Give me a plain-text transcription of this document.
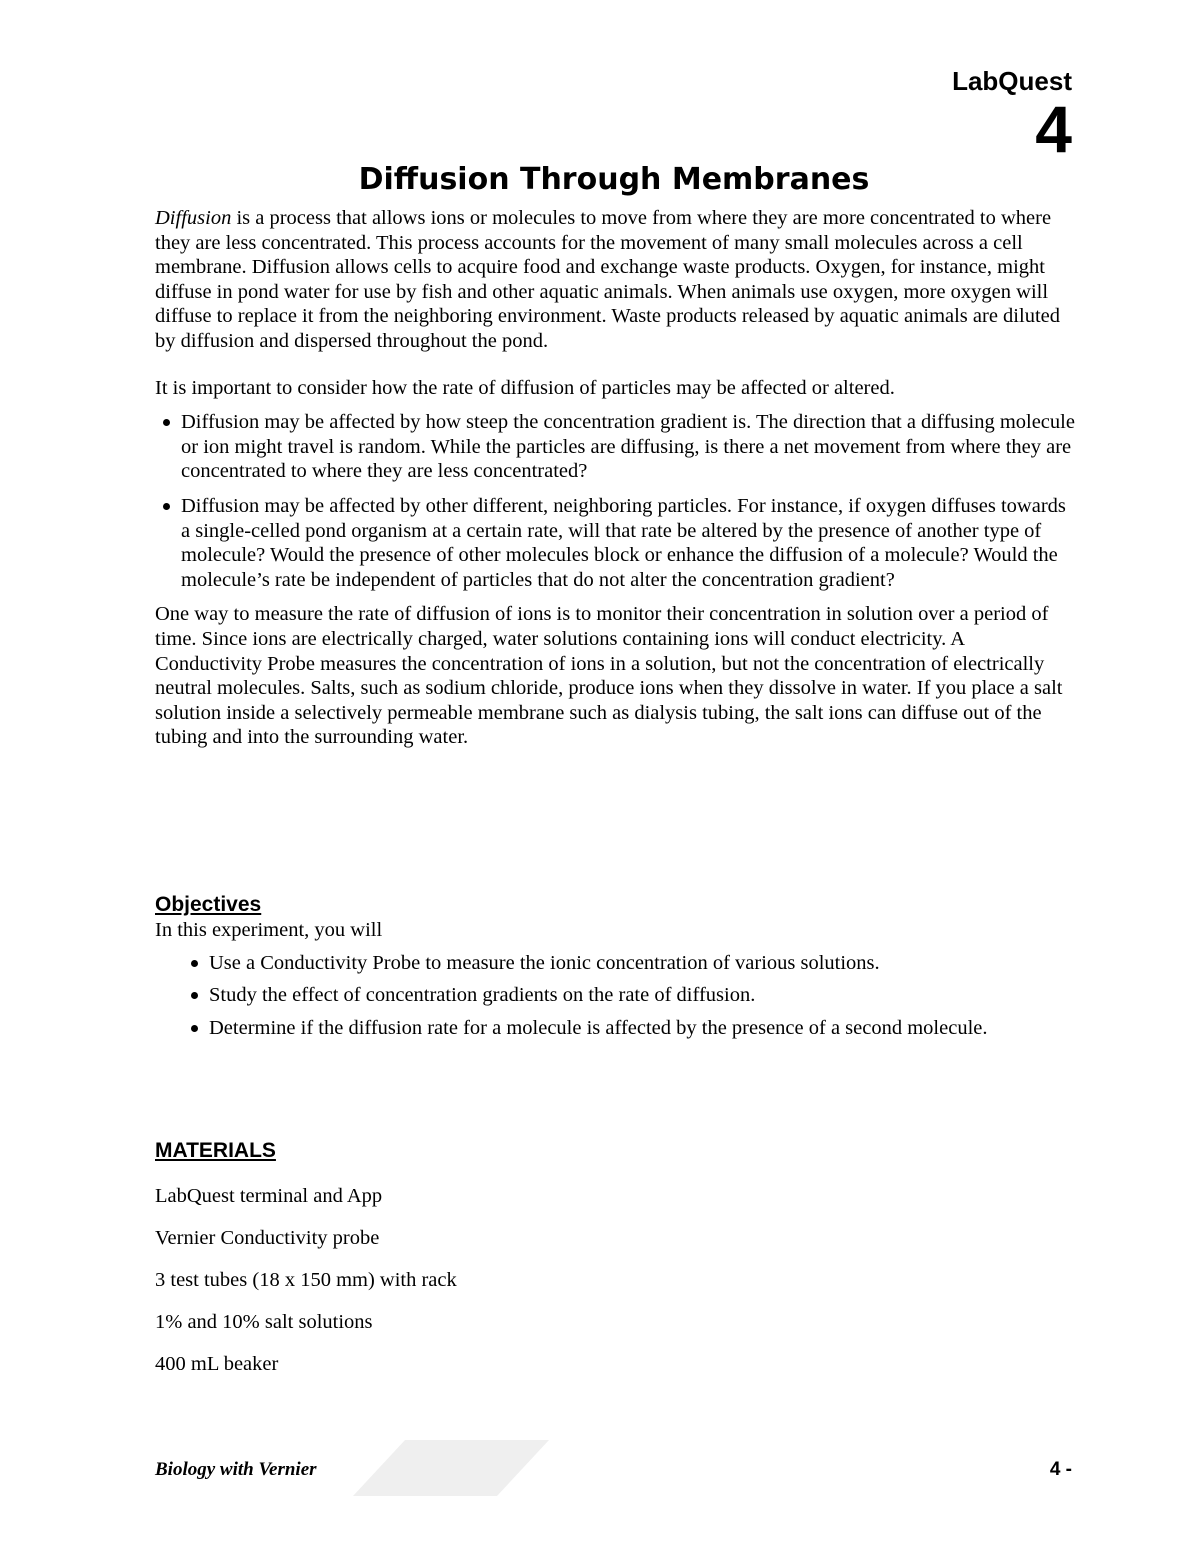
LabQuest
4
Diffusion Through Membranes

Diffusion is a process that allows ions or molecules to move from where they are more concentrated to where they are less concentrated. This process accounts for the movement of many small molecules across a cell membrane. Diffusion allows cells to acquire food and exchange waste products. Oxygen, for instance, might diffuse in pond water for use by fish and other aquatic animals. When animals use oxygen, more oxygen will diffuse to replace it from the neighboring environment. Waste products released by aquatic animals are diluted by diffusion and dispersed throughout the pond.

It is important to consider how the rate of diffusion of particles may be affected or altered.

Diffusion may be affected by how steep the concentration gradient is. The direction that a diffusing molecule or ion might travel is random. While the particles are diffusing, is there a net movement from where they are concentrated to where they are less concentrated?
Diffusion may be affected by other different, neighboring particles. For instance, if oxygen diffuses towards a single-celled pond organism at a certain rate, will that rate be altered by the presence of another type of molecule? Would the presence of other molecules block or enhance the diffusion of a molecule? Would the molecule’s rate be independent of particles that do not alter the concentration gradient?

One way to measure the rate of diffusion of ions is to monitor their concentration in solution over a period of time. Since ions are electrically charged, water solutions containing ions will conduct electricity. A Conductivity Probe measures the concentration of ions in a solution, but not the concentration of electrically neutral molecules. Salts, such as sodium chloride, produce ions when they dissolve in water. If you place a salt solution inside a selectively permeable membrane such as dialysis tubing, the salt ions can diffuse out of the tubing and into the surrounding water.

Objectives
In this experiment, you will
Use a Conductivity Probe to measure the ionic concentration of various solutions.
Study the effect of concentration gradients on the rate of diffusion.
Determine if the diffusion rate for a molecule is affected by the presence of a second molecule.
MATERIALS
LabQuest terminal and App
Vernier Conductivity probe
3 test tubes (18 x 150 mm) with rack
1% and 10% salt solutions
400 mL beaker
Biology with Vernier	4 -
